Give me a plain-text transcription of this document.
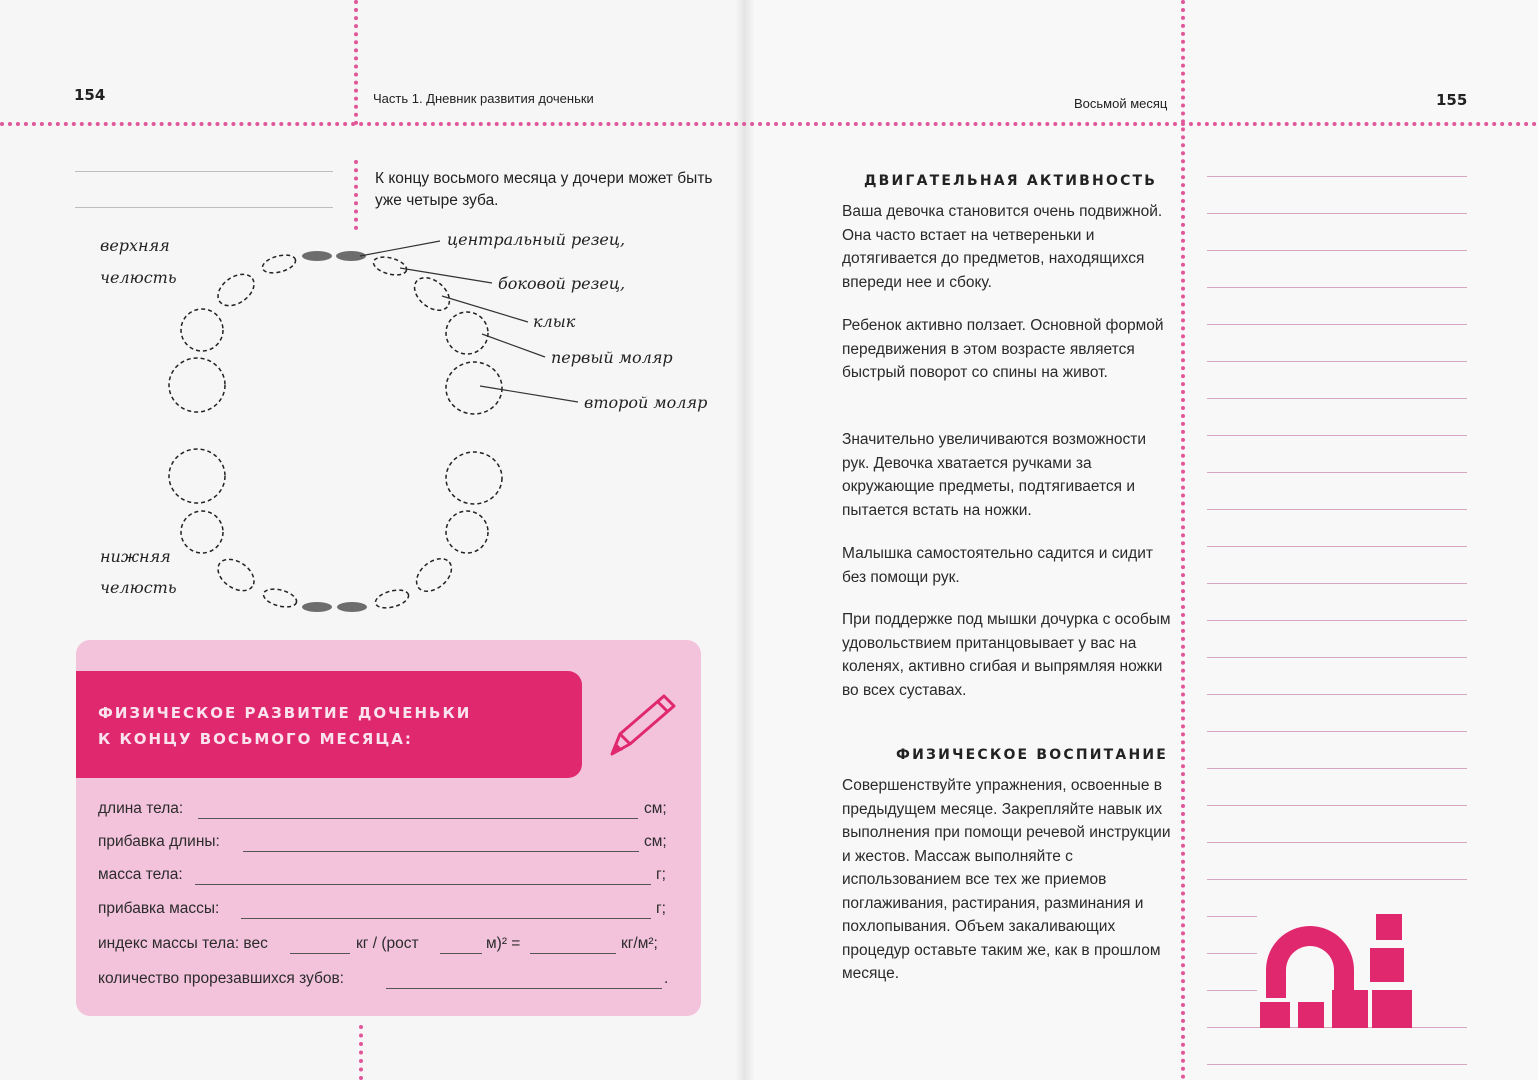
154	Часть 1. Дневник развития доченьки	Восьмой месяц	155
К концу восьмого месяца у дочери может быть уже четыре зуба.
верхняя
челюсть
нижняя
челюсть
центральный резец,
боковой резец,
клык
первый моляр
второй моляр
ФИЗИЧЕСКОЕ РАЗВИТИЕ ДОЧЕНЬКИ
К КОНЦУ ВОСЬМОГО МЕСЯЦА:
длина тела:	см;
прибавка длины:	см;
масса тела:	г;
прибавка массы:	г;
индекс массы тела: вес	кг / (рост	м)² =	кг/м²;
количество прорезавшихся зубов:	.
ДВИГАТЕЛЬНАЯ АКТИВНОСТЬ

Ваша девочка становится очень подвижной. Она часто встает на четвереньки и дотягивается до предметов, находящихся впереди нее и сбоку.

Ребенок активно ползает. Основной формой передвижения в этом возрасте является быстрый поворот со спины на живот.

Значительно увеличиваются возможности рук. Девочка хватается ручками за окружающие предметы, подтягивается и пытается встать на ножки.

Малышка самостоятельно садится и сидит без помощи рук.

При поддержке под мышки дочурка с особым удовольствием пританцовывает у вас на коленях, активно сгибая и выпрямляя ножки во всех суставах.

ФИЗИЧЕСКОЕ ВОСПИТАНИЕ

Совершенствуйте упражнения, освоенные в предыдущем месяце. Закрепляйте навык их выполнения при помощи речевой инструкции и жестов. Массаж выполняйте с использованием все тех же приемов поглаживания, растирания, разминания и похлопывания. Объем закаливающих процедур оставьте таким же, как в прошлом месяце.
